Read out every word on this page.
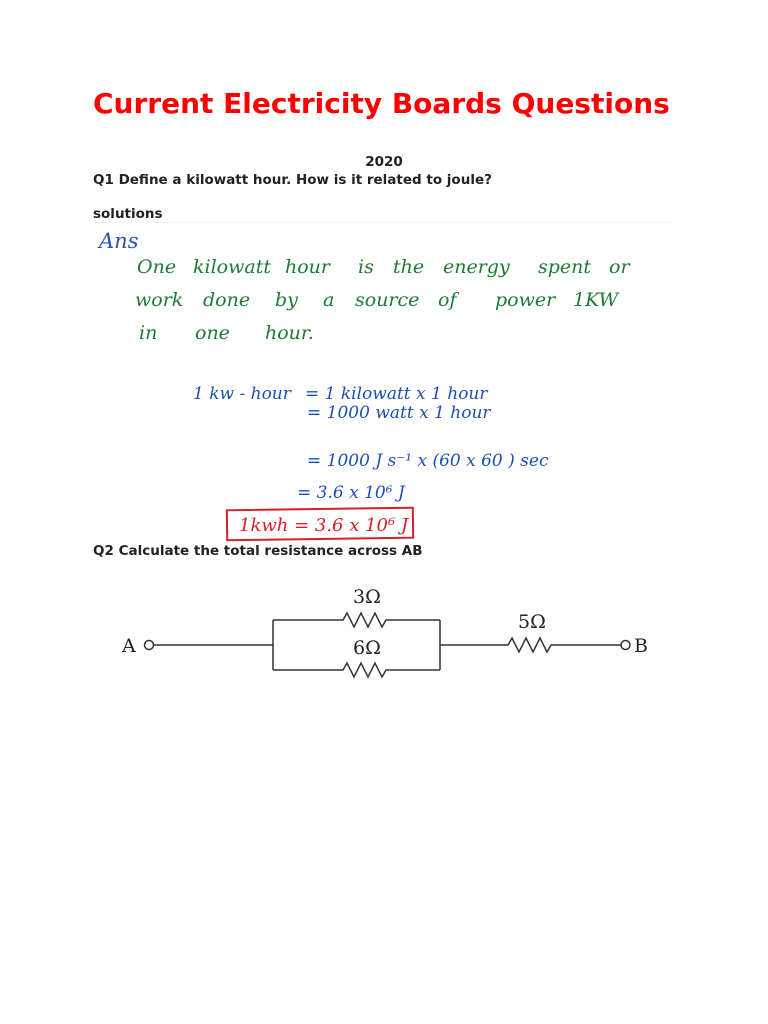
Current Electricity Boards Questions
2020
Q1 Define a kilowatt hour. How is it related to joule?
solutions
Ans
One kilowatt hour is the energy spent or
work done by a source of power 1KW
in one hour.
1 kw - hour = 1 kilowatt x 1 hour
= 1000 watt x 1 hour
= 1000 J s⁻¹ x (60 x 60 ) sec
= 3.6 x 10⁶ J
1kwh = 3.6 x 10⁶ J
Q2 Calculate the total resistance across AB
A	B
3Ω
6Ω
5Ω
